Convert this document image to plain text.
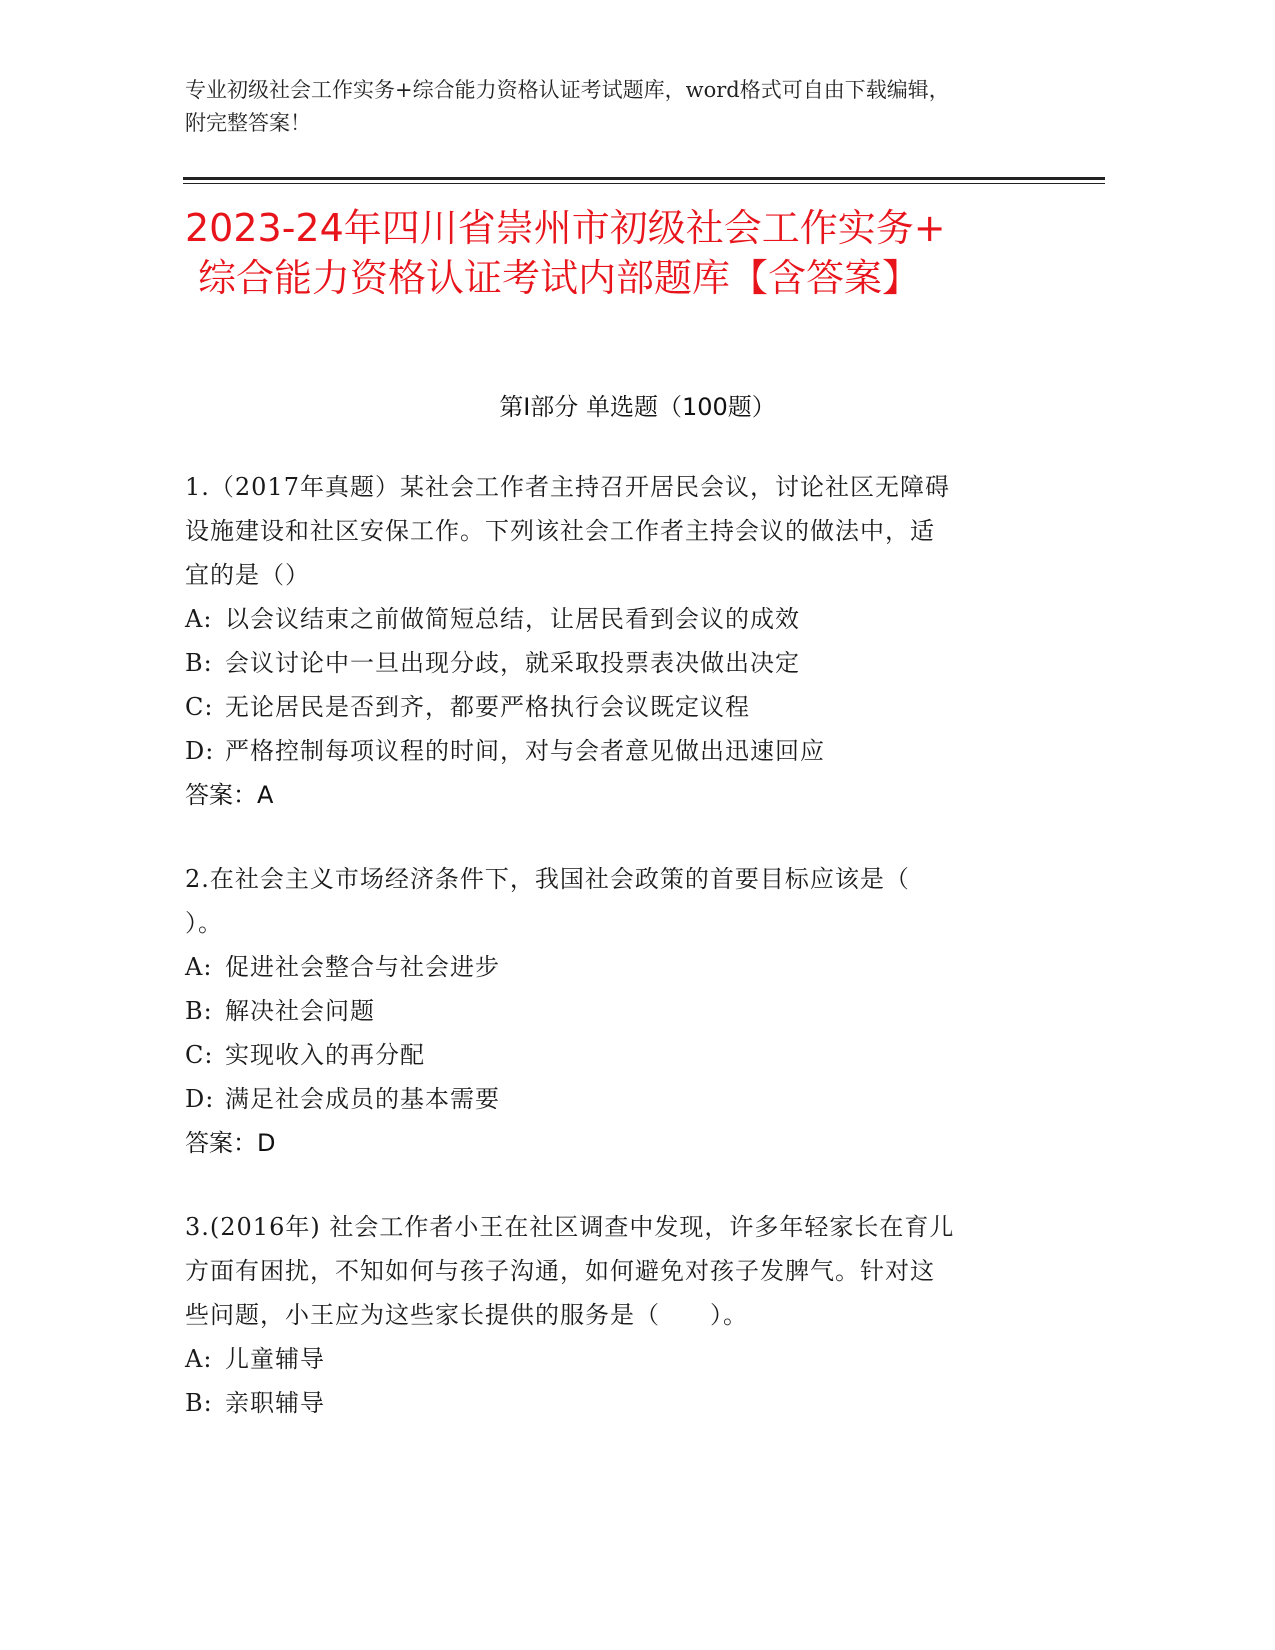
专业初级社会工作实务+综合能力资格认证考试题库，word格式可自由下载编辑，

附完整答案！

2023-24年四川省崇州市初级社会工作实务+
综合能力资格认证考试内部题库【含答案】
第I部分 单选题（100题）

1.（2017年真题）某社会工作者主持召开居民会议，讨论社区无障碍

设施建设和社区安保工作。下列该社会工作者主持会议的做法中，适

宜的是（）

A: 以会议结束之前做简短总结，让居民看到会议的成效

B: 会议讨论中一旦出现分歧，就采取投票表决做出决定

C: 无论居民是否到齐，都要严格执行会议既定议程

D: 严格控制每项议程的时间，对与会者意见做出迅速回应

答案：A

2.在社会主义市场经济条件下，我国社会政策的首要目标应该是（

）。

A: 促进社会整合与社会进步

B: 解决社会问题

C: 实现收入的再分配

D: 满足社会成员的基本需要

答案：D

3.(2016年) 社会工作者小王在社区调查中发现，许多年轻家长在育儿

方面有困扰，不知如何与孩子沟通，如何避免对孩子发脾气。针对这

些问题，小王应为这些家长提供的服务是（　　）。

A: 儿童辅导

B: 亲职辅导
